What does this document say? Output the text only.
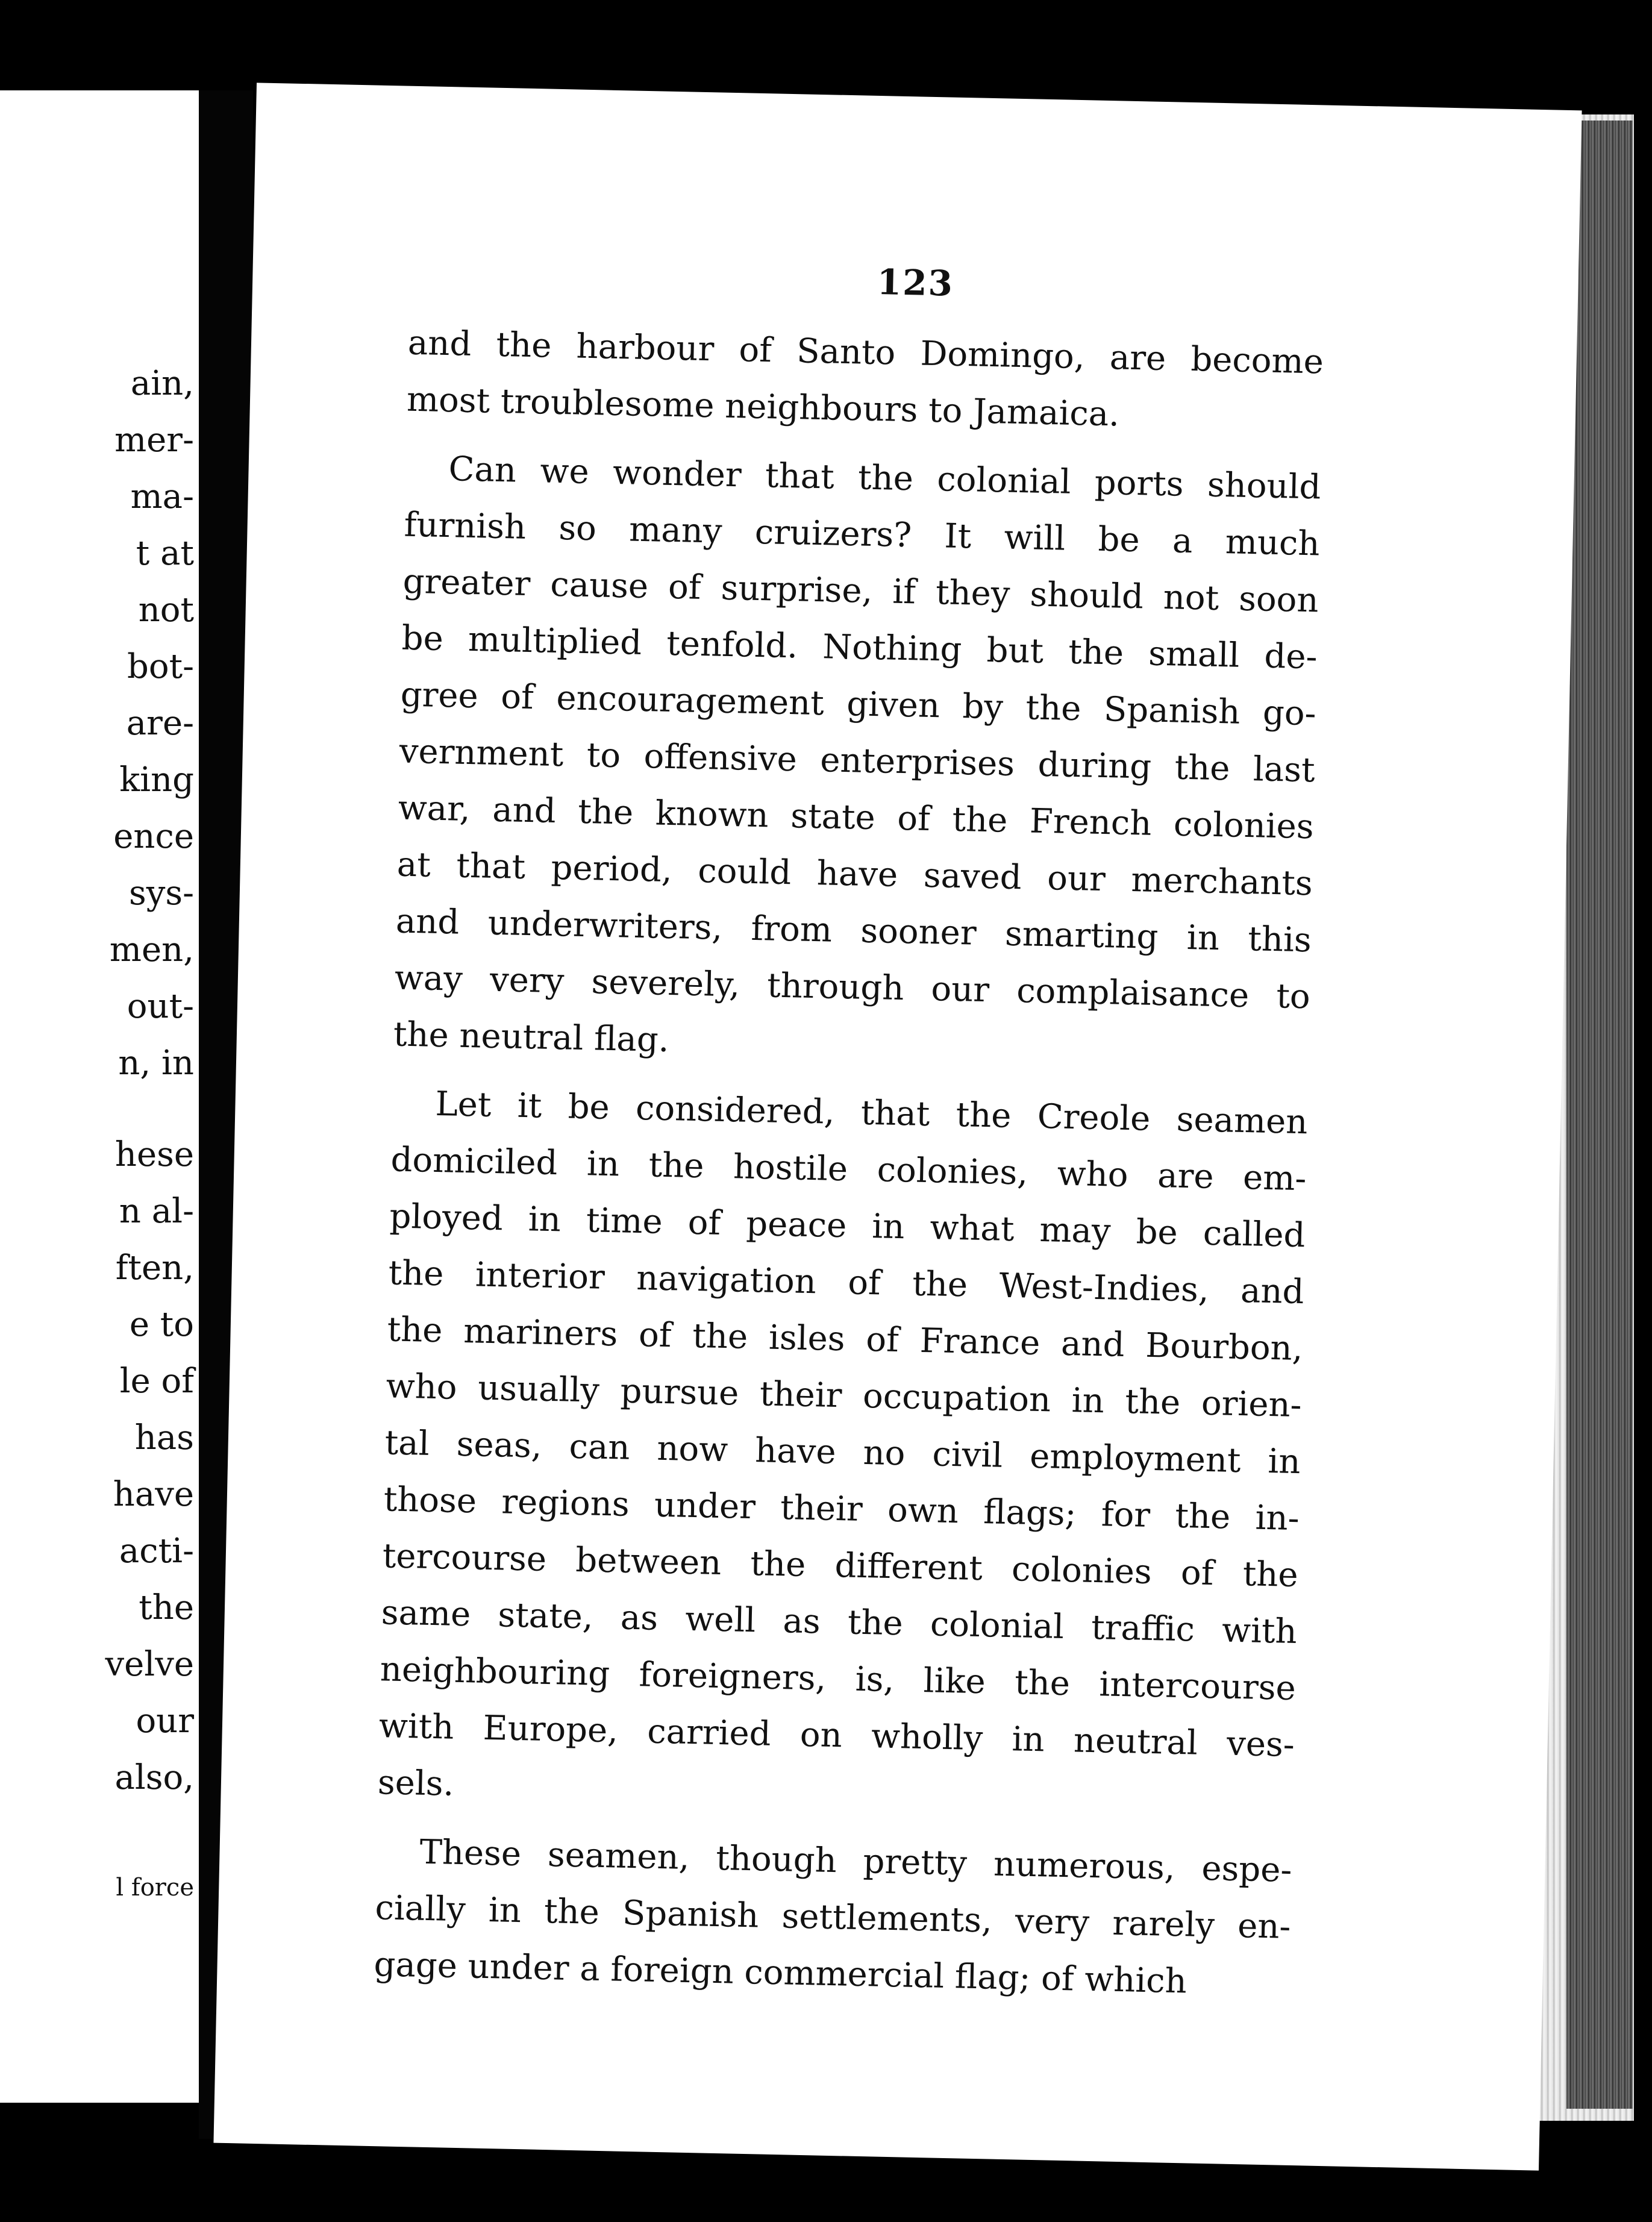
ain,
mer-
ma-
t at
not
bot-
are-
king
ence
sys-
men,
out-
n, in
hese
n al-
ften,
e to
le of
has
have
acti-
the
velve
our
also,
l force
123
and the harbour of Santo Domingo, are become
most troublesome neighbours to Jamaica.
Can we wonder that the colonial ports should
furnish so many cruizers? It will be a much
greater cause of surprise, if they should not soon
be multiplied tenfold. Nothing but the small de-
gree of encouragement given by the Spanish go-
vernment to offensive enterprises during the last
war, and the known state of the French colonies
at that period, could have saved our merchants
and underwriters, from sooner smarting in this
way very severely, through our complaisance to
the neutral flag.
Let it be considered, that the Creole seamen
domiciled in the hostile colonies, who are em-
ployed in time of peace in what may be called
the interior navigation of the West-Indies, and
the mariners of the isles of France and Bourbon,
who usually pursue their occupation in the orien-
tal seas, can now have no civil employment in
those regions under their own flags; for the in-
tercourse between the different colonies of the
same state, as well as the colonial traffic with
neighbouring foreigners, is, like the intercourse
with Europe, carried on wholly in neutral ves-
sels.
These seamen, though pretty numerous, espe-
cially in the Spanish settlements, very rarely en-
gage under a foreign commercial flag; of which
